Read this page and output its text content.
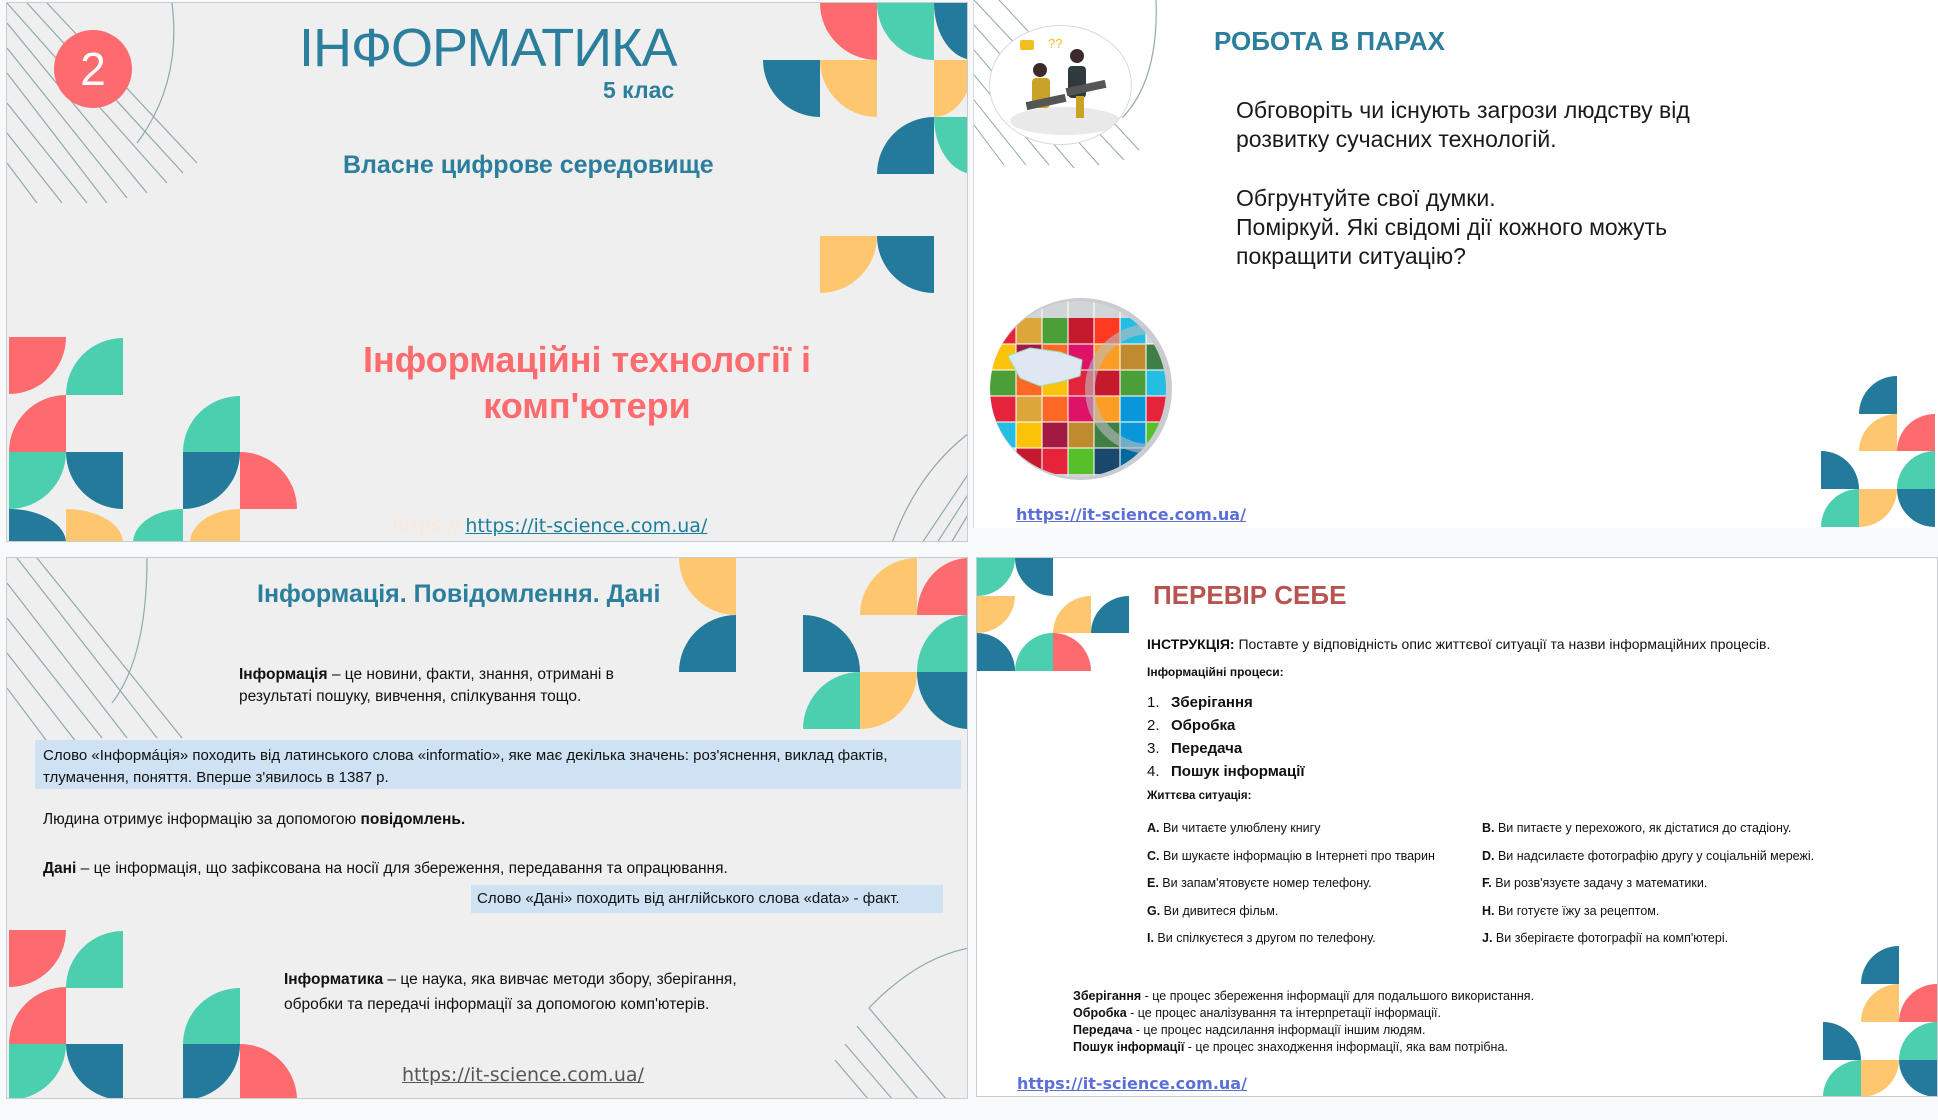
2	ІНФОРМАТИКА
5 клас
Власне цифрове середовище
Інформаційні технології і
комп'ютери
https:// https://it-science.com.ua/
??	РОБОТА В ПАРАХ
Обговоріть чи існують загрози людству від
розвитку сучасних технологій.
Обгрунтуйте свої думки.
Поміркуй. Які свідомі дії кожного можуть
покращити ситуацію?
https://it-science.com.ua/
Інформація. Повідомлення. Дані
Інформація – це новини, факти, знання, отримані в
результаті пошуку, вивчення, спілкування тощо.
Слово «Інформáція» походить від латинського слова «informatio», яке має декілька значень: роз'яснення, виклад фактів,
тлумачення, поняття. Вперше з'явилось в 1387 р.
Людина отримує інформацію за допомогою повідомлень.
Дані – це інформація, що зафіксована на носії для збереження, передавання та опрацювання.
Слово «Дані» походить від англійського слова «data» - факт.
Інформатика – це наука, яка вивчає методи збору, зберігання,
обробки та передачі інформації за допомогою комп'ютерів.
https://it-science.com.ua/
ПЕРЕВІР СЕБЕ
ІНСТРУКЦІЯ: Поставте у відповідність опис життєвої ситуації та назви інформаційних процесів.
Інформаційні процеси:
1. Зберігання
2. Обробка
3. Передача
4. Пошук інформації
Життєва ситуація:
A. Ви читаєте улюблену книгу
C. Ви шукаєте інформацію в Інтернеті про тварин
E. Ви запам'ятовуєте номер телефону.
G. Ви дивитеся фільм.
I. Ви спілкуєтеся з другом по телефону.
B. Ви питаєте у перехожого, як дістатися до стадіону.
D. Ви надсилаєте фотографію другу у соціальній мережі.
F. Ви розв'язуєте задачу з математики.
H. Ви готуєте їжу за рецептом.
J. Ви зберігаєте фотографії на комп'ютері.
Зберігання - це процес збереження інформації для подальшого використання.
Обробка - це процес аналізування та інтерпретації інформації.
Передача - це процес надсилання інформації іншим людям.
Пошук інформації - це процес знаходження інформації, яка вам потрібна.
https://it-science.com.ua/
